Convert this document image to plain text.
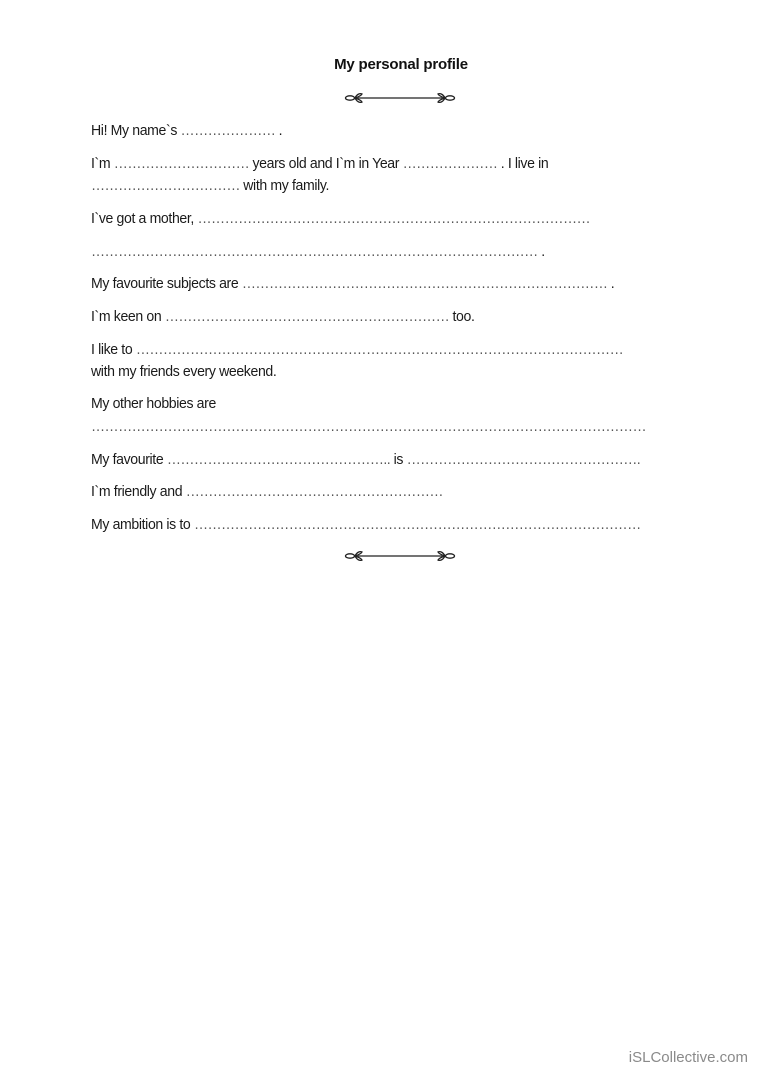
My personal profile
Hi! My name`s ………………… .
I`m ………………………… years old and I`m in Year ………………… . I live in
…………………………… with my family.
I`ve got a mother, ……………………………………………………………………………
……………………………………………………………………………………… .
My favourite subjects are ……………………………………………………………………… .
I`m keen on ……………………………………………………… too.
I like to ………………………………………………………………………………………………
with my friends every weekend.
My other hobbies are
……………………………………………………………………………………………………………
My favourite ………………………………………….. is …………………………………………….
I`m friendly and …………………………………………………
My ambition is to ………………………………………………………………………………………
iSLCollective.com
